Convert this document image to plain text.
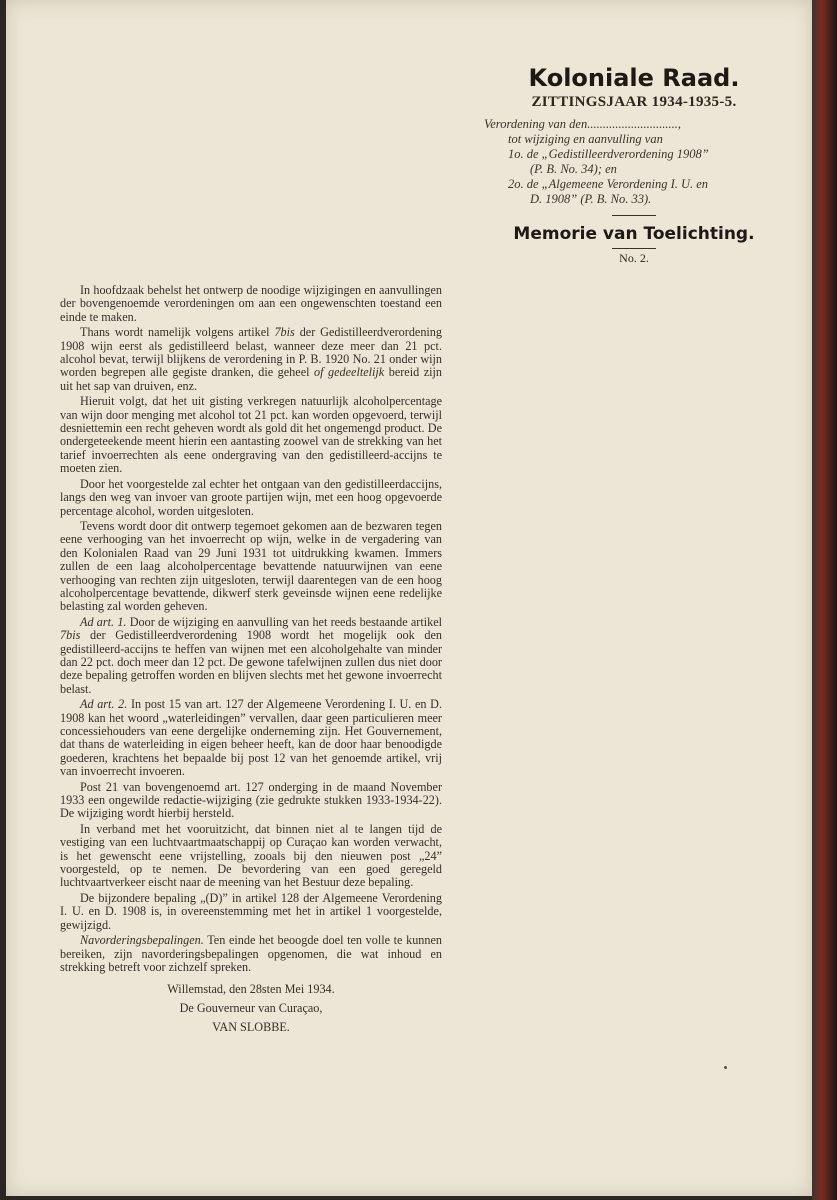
Koloniale Raad.
ZITTINGSJAAR 1934-1935-5.
Verordening van den.............................,
tot wijziging en aanvulling van
1o. de „Gedistilleerdverordening 1908”
(P. B. No. 34); en
2o. de „Algemeene Verordening I. U. en
D. 1908” (P. B. No. 33).
Memorie van Toelichting.
No. 2.

In hoofdzaak behelst het ontwerp de noodige wijzigingen en aanvullingen der bovengenoemde verordeningen om aan een ongewenschten toestand een einde te maken.

Thans wordt namelijk volgens artikel 7bis der Gedistilleerdverordening 1908 wijn eerst als gedistilleerd belast, wanneer deze meer dan 21 pct. alcohol bevat, terwijl blijkens de verordening in P. B. 1920 No. 21 onder wijn worden begrepen alle gegiste dranken, die geheel of gedeeltelijk bereid zijn uit het sap van druiven, enz.

Hieruit volgt, dat het uit gisting verkregen natuurlijk alcoholpercentage van wijn door menging met alcohol tot 21 pct. kan worden opgevoerd, terwijl desniettemin een recht geheven wordt als gold dit het ongemengd product. De ondergeteekende meent hierin een aantasting zoowel van de strekking van het tarief invoerrechten als eene ondergraving van den gedistilleerd-accijns te moeten zien.

Door het voorgestelde zal echter het ontgaan van den gedistilleerdaccijns, langs den weg van invoer van groote partijen wijn, met een hoog opgevoerde percentage alcohol, worden uitgesloten.

Tevens wordt door dit ontwerp tegemoet gekomen aan de bezwaren tegen eene verhooging van het invoerrecht op wijn, welke in de vergadering van den Kolonialen Raad van 29 Juni 1931 tot uitdrukking kwamen. Immers zullen de een laag alcoholpercentage bevattende natuurwijnen van eene verhooging van rechten zijn uitgesloten, terwijl daarentegen van de een hoog alcoholpercentage bevattende, dikwerf sterk geveinsde wijnen eene redelijke belasting zal worden geheven.

Ad art. 1. Door de wijziging en aanvulling van het reeds bestaande artikel 7bis der Gedistilleerdverordening 1908 wordt het mogelijk ook den gedistilleerd-accijns te heffen van wijnen met een alcoholgehalte van minder dan 22 pct. doch meer dan 12 pct. De gewone tafelwijnen zullen dus niet door deze bepaling getroffen worden en blijven slechts met het gewone invoerrecht belast.

Ad art. 2. In post 15 van art. 127 der Algemeene Verordening I. U. en D. 1908 kan het woord „waterleidingen” vervallen, daar geen particulieren meer concessiehouders van eene dergelijke onderneming zijn. Het Gouvernement, dat thans de waterleiding in eigen beheer heeft, kan de door haar benoodigde goederen, krachtens het bepaalde bij post 12 van het genoemde artikel, vrij van invoerrecht invoeren.

Post 21 van bovengenoemd art. 127 onderging in de maand November 1933 een ongewilde redactie-wijziging (zie gedrukte stukken 1933-1934-22). De wijziging wordt hierbij hersteld.

In verband met het vooruitzicht, dat binnen niet al te langen tijd de vestiging van een luchtvaartmaatschappij op Curaçao kan worden verwacht, is het gewenscht eene vrijstelling, zooals bij den nieuwen post „24” voorgesteld, op te nemen. De bevordering van een goed geregeld luchtvaartverkeer eischt naar de meening van het Bestuur deze bepaling.

De bijzondere bepaling „(D)” in artikel 128 der Algemeene Verordening I. U. en D. 1908 is, in overeenstemming met het in artikel 1 voorgestelde, gewijzigd.

Navorderingsbepalingen. Ten einde het beoogde doel ten volle te kunnen bereiken, zijn navorderingsbepalingen opgenomen, die wat inhoud en strekking betreft voor zichzelf spreken.

Willemstad, den 28sten Mei 1934.
De Gouverneur van Curaçao,
VAN SLOBBE.
